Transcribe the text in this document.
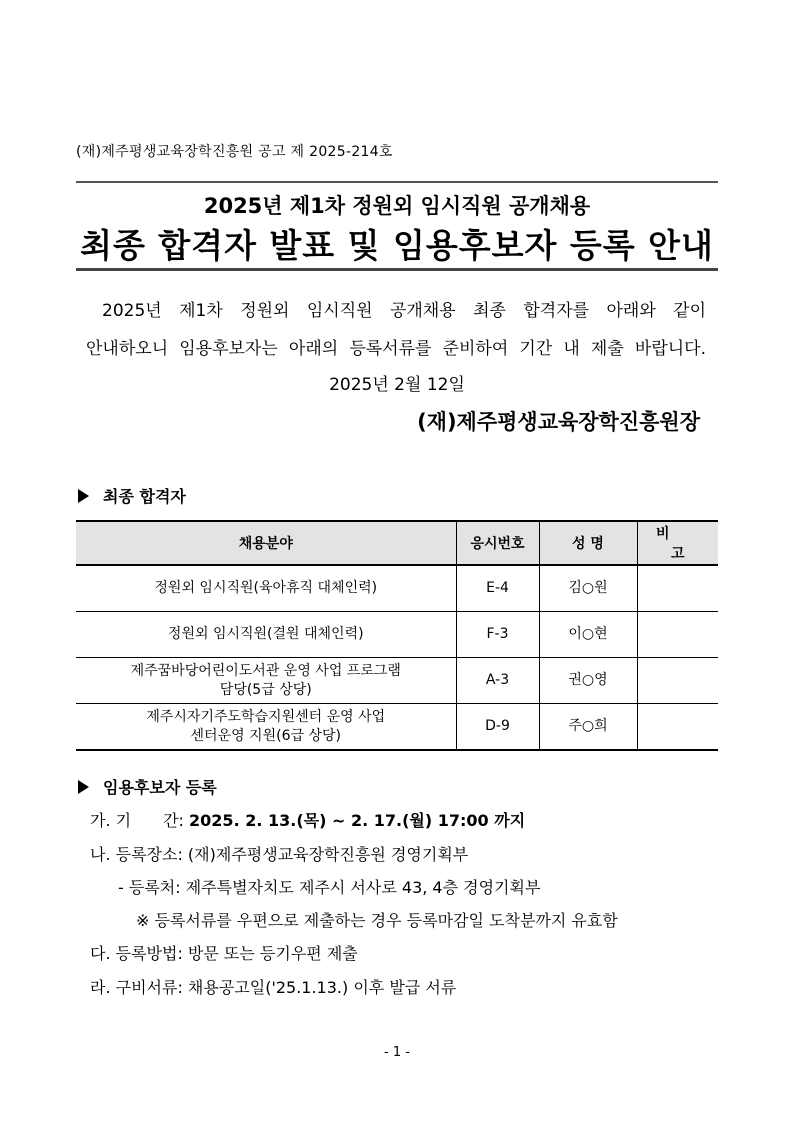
(재)제주평생교육장학진흥원 공고 제 2025-214호
2025년 제1차 정원외 임시직원 공개채용
최종 합격자 발표 및 임용후보자 등록 안내
2025년 제1차 정원외 임시직원 공개채용 최종 합격자를 아래와 같이
안내하오니 임용후보자는 아래의 등록서류를 준비하여 기간 내 제출 바랍니다.
2025년 2월 12일
(재)제주평생교육장학진흥원장
최종 합격자
채용분야	응시번호	성 명	비 고
정원외 임시직원(육아휴직 대체인력)	E-4	김○원	
정원외 임시직원(결원 대체인력)	F-3	이○현	
제주꿈바당어린이도서관 운영 사업 프로그램
담당(5급 상당)	A-3	권○영	
제주시자기주도학습지원센터 운영 사업
센터운영 지원(6급 상당)	D-9	주○희	
임용후보자 등록
가. 기　　간: 2025. 2. 13.(목) ~ 2. 17.(월) 17:00 까지
나. 등록장소: (재)제주평생교육장학진흥원 경영기획부
- 등록처: 제주특별자치도 제주시 서사로 43, 4층 경영기획부
※ 등록서류를 우편으로 제출하는 경우 등록마감일 도착분까지 유효함
다. 등록방법: 방문 또는 등기우편 제출
라. 구비서류: 채용공고일('25.1.13.) 이후 발급 서류
- 1 -
